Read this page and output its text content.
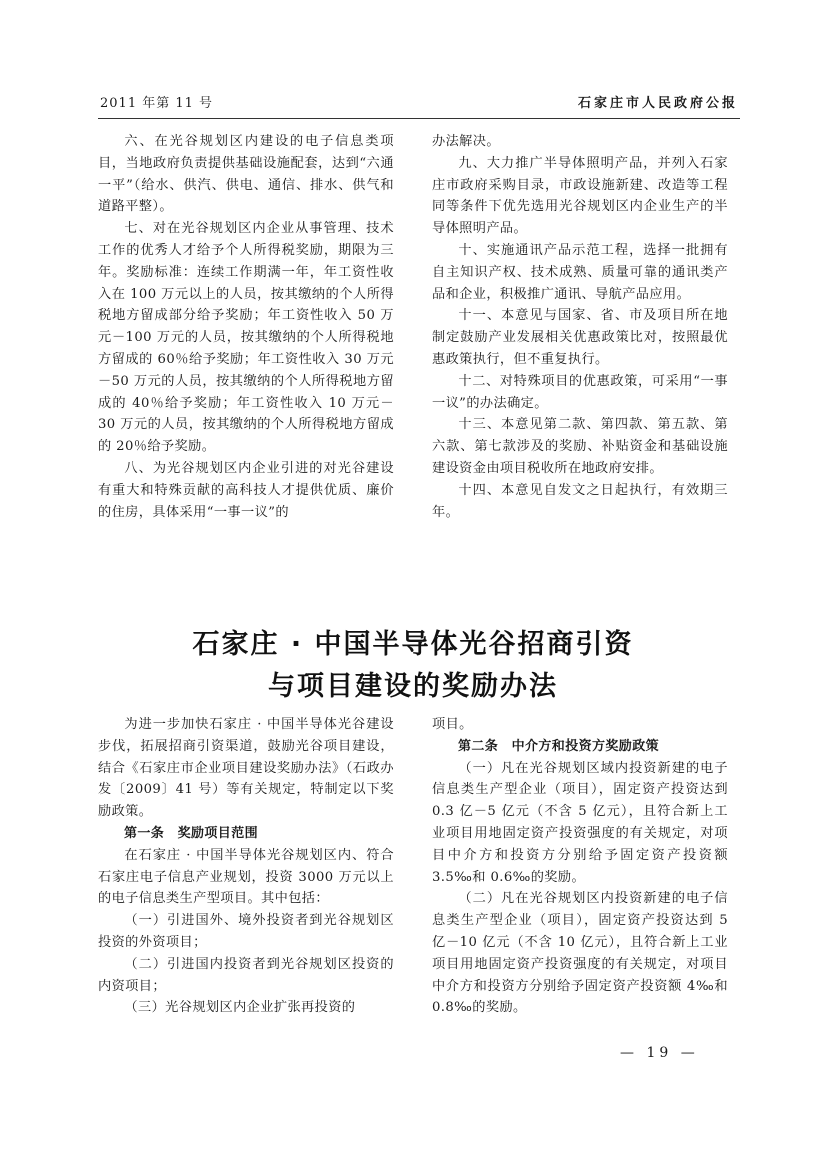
2011 年第 11 号	石家庄市人民政府公报

六、在光谷规划区内建设的电子信息类项目，当地政府负责提供基础设施配套，达到“六通一平”（给水、供汽、供电、通信、排水、供气和道路平整）。

七、对在光谷规划区内企业从事管理、技术工作的优秀人才给予个人所得税奖励，期限为三年。奖励标准：连续工作期满一年，年工资性收入在 100 万元以上的人员，按其缴纳的个人所得税地方留成部分给予奖励；年工资性收入 50 万元－100 万元的人员，按其缴纳的个人所得税地方留成的 60％给予奖励；年工资性收入 30 万元－50 万元的人员，按其缴纳的个人所得税地方留成的 40％给予奖励；年工资性收入 10 万元－30 万元的人员，按其缴纳的个人所得税地方留成的 20％给予奖励。

八、为光谷规划区内企业引进的对光谷建设有重大和特殊贡献的高科技人才提供优质、廉价的住房，具体采用“一事一议”的

办法解决。

九、大力推广半导体照明产品，并列入石家庄市政府采购目录，市政设施新建、改造等工程同等条件下优先选用光谷规划区内企业生产的半导体照明产品。

十、实施通讯产品示范工程，选择一批拥有自主知识产权、技术成熟、质量可靠的通讯类产品和企业，积极推广通讯、导航产品应用。

十一、本意见与国家、省、市及项目所在地制定鼓励产业发展相关优惠政策比对，按照最优惠政策执行，但不重复执行。

十二、对特殊项目的优惠政策，可采用“一事一议”的办法确定。

十三、本意见第二款、第四款、第五款、第六款、第七款涉及的奖励、补贴资金和基础设施建设资金由项目税收所在地政府安排。

十四、本意见自发文之日起执行，有效期三年。

石家庄 · 中国半导体光谷招商引资
与项目建设的奖励办法

为进一步加快石家庄 · 中国半导体光谷建设步伐，拓展招商引资渠道，鼓励光谷项目建设，结合《石家庄市企业项目建设奖励办法》（石政办发〔2009〕41 号）等有关规定，特制定以下奖励政策。

第一条　奖励项目范围

在石家庄 · 中国半导体光谷规划区内、符合石家庄电子信息产业规划，投资 3000 万元以上的电子信息类生产型项目。其中包括：

（一）引进国外、境外投资者到光谷规划区投资的外资项目；

（二）引进国内投资者到光谷规划区投资的内资项目；

（三）光谷规划区内企业扩张再投资的

项目。

第二条　中介方和投资方奖励政策

（一）凡在光谷规划区域内投资新建的电子信息类生产型企业（项目），固定资产投资达到 0.3 亿－5 亿元（不含 5 亿元），且符合新上工业项目用地固定资产投资强度的有关规定，对项目中介方和投资方分别给予固定资产投资额 3.5‰和 0.6‰的奖励。

（二）凡在光谷规划区内投资新建的电子信息类生产型企业（项目），固定资产投资达到 5 亿－10 亿元（不含 10 亿元），且符合新上工业项目用地固定资产投资强度的有关规定，对项目中介方和投资方分别给予固定资产投资额 4‰和 0.8‰的奖励。

— 19 —
